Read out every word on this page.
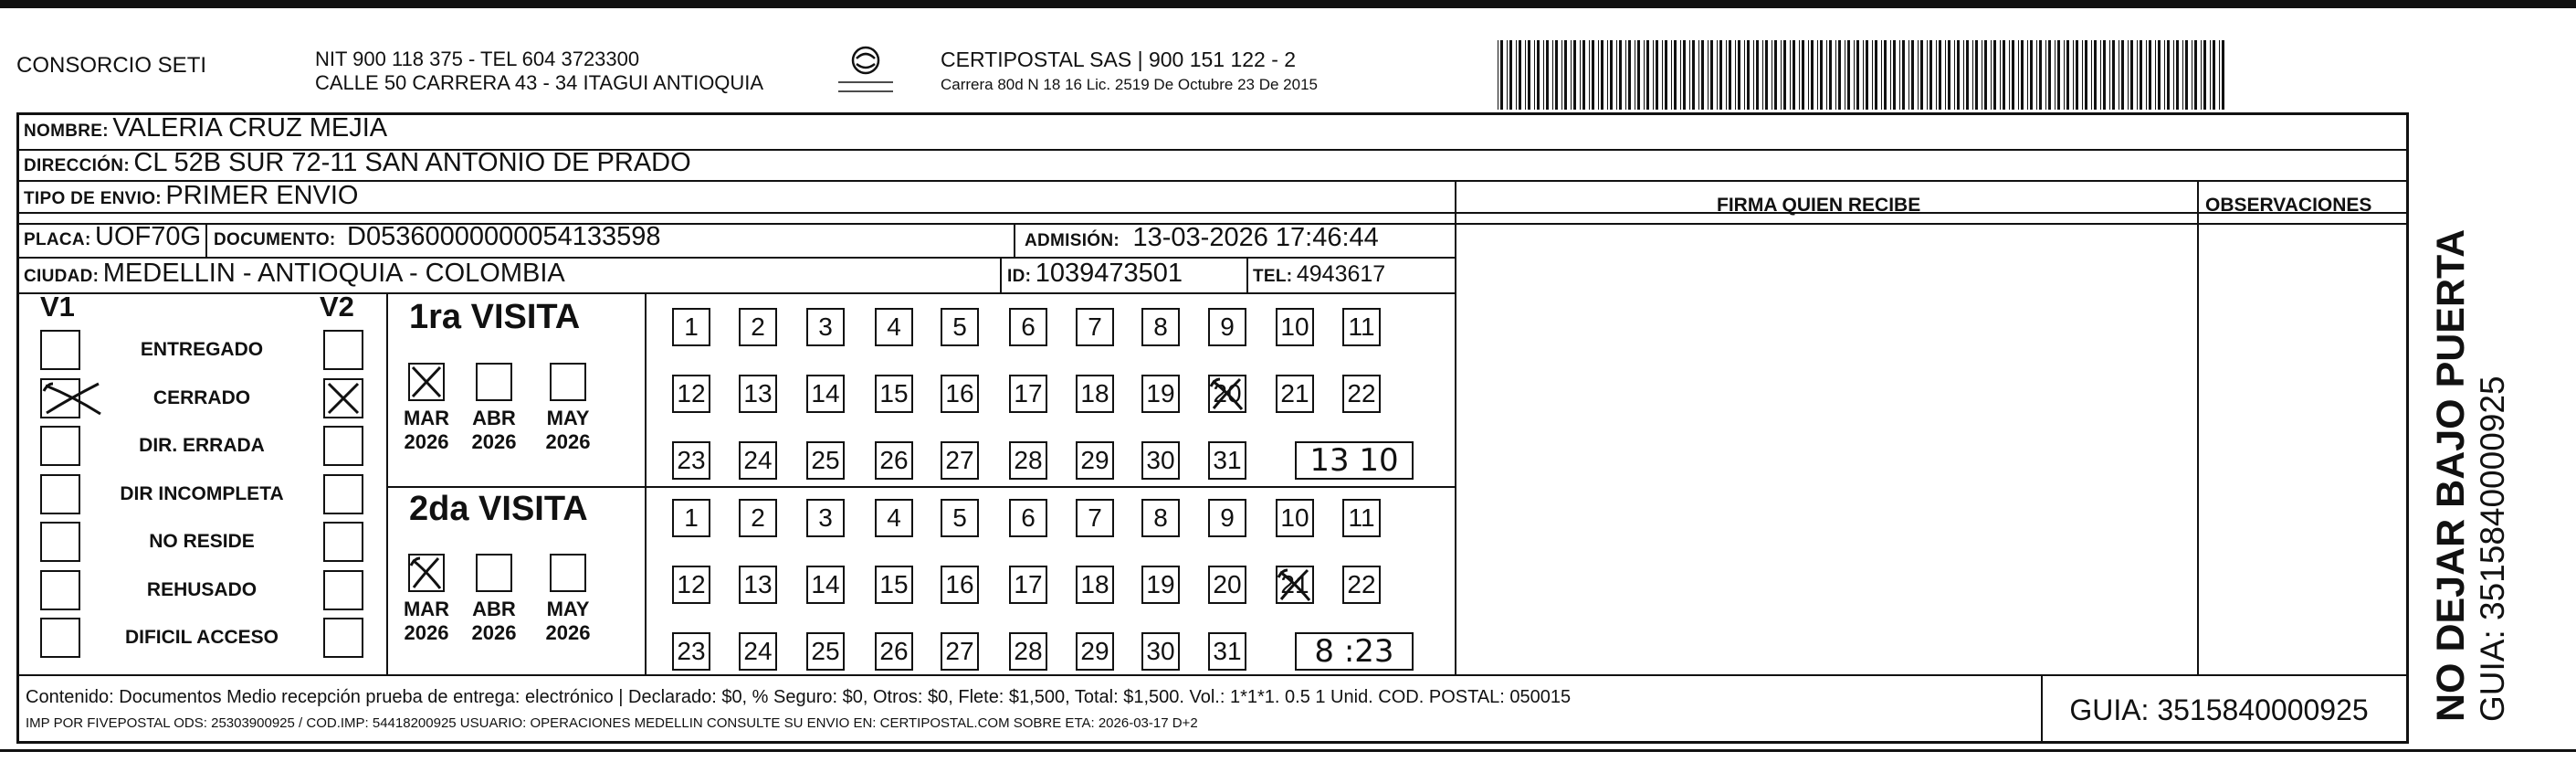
CONSORCIO SETI	NIT 900 118 375 - TEL 604 3723300
CALLE 50 CARRERA 43 - 34 ITAGUI ANTIOQUIA
CERTIPOSTAL SAS | 900 151 122 - 2
Carrera 80d N 18 16 Lic. 2519 De Octubre 23 De 2015
NOMBRE: VALERIA CRUZ MEJIA
DIRECCIÓN: CL 52B SUR 72-11 SAN ANTONIO DE PRADO
TIPO DE ENVIO: PRIMER ENVIO
PLACA: UOF70G DOCUMENTO: D05360000000054133598	ADMISIÓN: 13-03-2026 17:46:44
CIUDAD: MEDELLIN - ANTIOQUIA - COLOMBIA	ID: 1039473501	TEL: 4943617
FIRMA QUIEN RECIBE	OBSERVACIONES
V1	V2
ENTREGADO
CERRADO
DIR. ERRADA
DIR INCOMPLETA
NO RESIDE
REHUSADO
DIFICIL ACCESO
1ra VISITA
2da VISITA
MAR
2026
ABR
2026
MAY
2026
MAR
2026
ABR
2026
MAY
2026
1	2	3	4	5	6	7	8	9	10 11
12 13 14 15 16 17 18 19 20 21 22
23 24 25 26 27 28 29 30 31	13 10
1	2	3	4	5	6	7	8	9	10 11
12 13 14 15 16 17 18 19 20 21 22
23 24 25 26 27 28 29 30 31	8 :23
Contenido: Documentos Medio recepción prueba de entrega: electrónico | Declarado: $0, % Seguro: $0, Otros: $0, Flete: $1,500, Total: $1,500. Vol.: 1*1*1. 0.5 1 Unid. COD. POSTAL: 050015
IMP POR FIVEPOSTAL ODS: 25303900925 / COD.IMP: 54418200925 USUARIO: OPERACIONES MEDELLIN CONSULTE SU ENVIO EN: CERTIPOSTAL.COM SOBRE ETA: 2026-03-17 D+2	GUIA: 3515840000925	NO DEJAR BAJO PUERTA GUIA: 3515840000925
